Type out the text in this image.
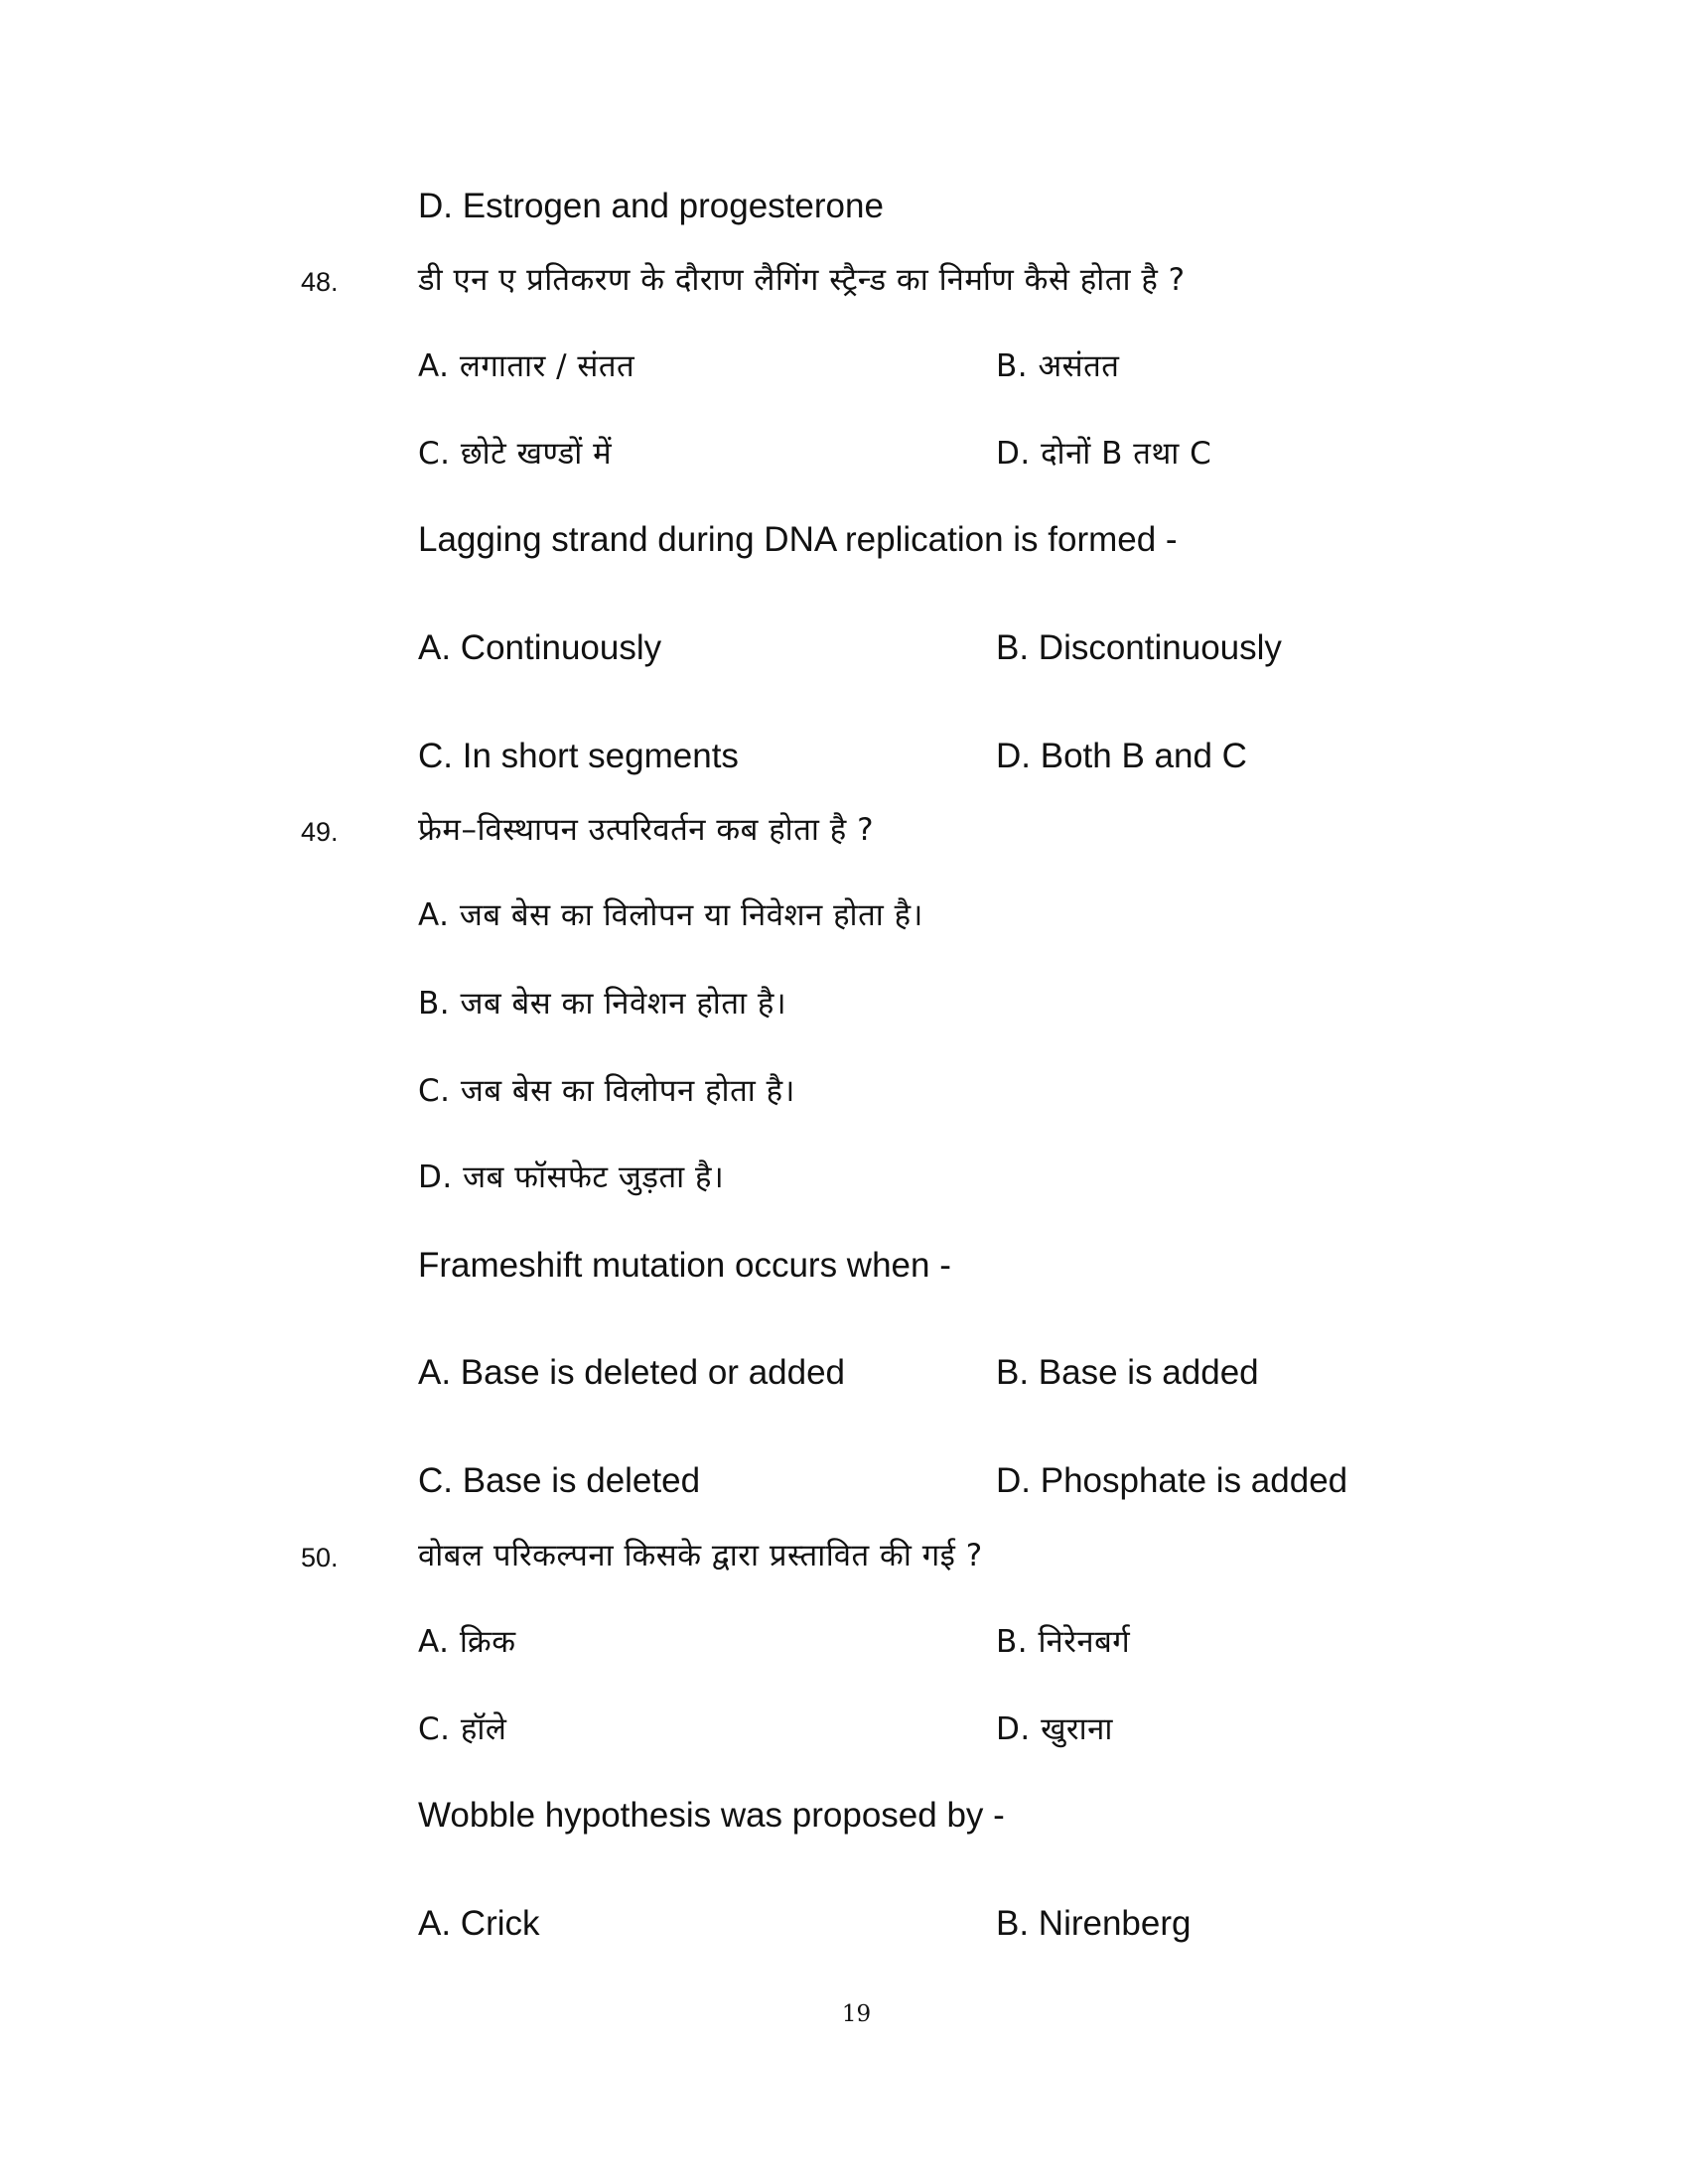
D. Estrogen and progesterone
48.	डी एन ए प्रतिकरण के दौराण लैगिंग स्ट्रैन्ड का निर्माण कैसे होता है ?
A. लगातार / संतत	B. असंतत
C. छोटे खण्डों में	D. दोनों B तथा C
Lagging strand during DNA replication is formed -
A. Continuously	B. Discontinuously
C. In short segments	D. Both B and C
49.	फ्रेम–विस्थापन उत्परिवर्तन कब होता है ?
A. जब बेस का विलोपन या निवेशन होता है।
B. जब बेस का निवेशन होता है।
C. जब बेस का विलोपन होता है।
D. जब फॉसफेट जुड़ता है।
Frameshift mutation occurs when -
A. Base is deleted or added	B. Base is added
C. Base is deleted	D. Phosphate is added
50.	वोबल परिकल्पना किसके द्वारा प्रस्तावित की गई ?
A. क्रिक	B. निरेनबर्ग
C. हॉले	D. खुराना
Wobble hypothesis was proposed by -
A. Crick	B. Nirenberg
19
